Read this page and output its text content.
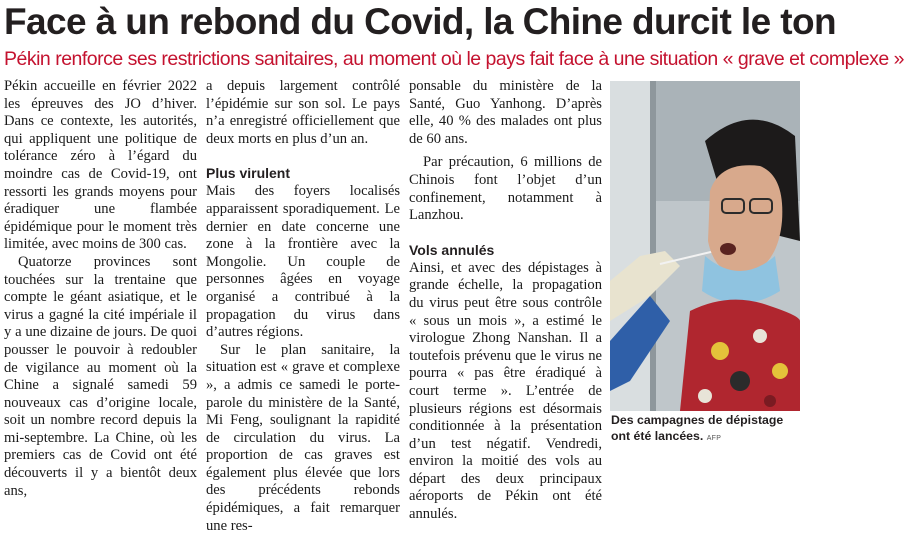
Face à un rebond du Covid, la Chine durcit le ton
Pékin renforce ses restrictions sanitaires, au moment où le pays fait face à une situation « grave et complexe »

Pékin accueille en février 2022 les épreuves des JO d’hiver. Dans ce contexte, les autorités, qui appliquent une politique de tolérance zéro à l’égard du moindre cas de Covid-19, ont ressorti les grands moyens pour éradiquer une flambée épidémique pour le moment très limitée, avec moins de 300 cas.

Quatorze provinces sont touchées sur la trentaine que compte le géant asiatique, et le virus a gagné la cité impériale il y a une dizaine de jours. De quoi pousser le pouvoir à redoubler de vigilance au moment où la Chine a signalé samedi 59 nouveaux cas d’origine locale, soit un nombre record depuis la mi-septembre. La Chine, où les premiers cas de Covid ont été découverts il y a bientôt deux ans,

a depuis largement contrôlé l’épidémie sur son sol. Le pays n’a enregistré officiellement que deux morts en plus d’un an.

Plus virulent

Mais des foyers localisés apparaissent sporadiquement. Le dernier en date concerne une zone à la frontière avec la Mongolie. Un couple de personnes âgées en voyage organisé a contribué à la propagation du virus dans d’autres régions.

Sur le plan sanitaire, la situation est « grave et complexe », a admis ce samedi le porte-parole du ministère de la Santé, Mi Feng, soulignant la rapidité de circulation du virus. La proportion de cas graves est également plus élevée que lors des précédents rebonds épidémiques, a fait remarquer une res-

ponsable du ministère de la Santé, Guo Yanhong. D’après elle, 40 % des malades ont plus de 60 ans.

Par précaution, 6 millions de Chinois font l’objet d’un confinement, notamment à Lanzhou.

Vols annulés

Ainsi, et avec des dépistages à grande échelle, la propagation du virus peut être sous contrôle « sous un mois », a estimé le virologue Zhong Nanshan. Il a toutefois prévenu que le virus ne pourra « pas être éradiqué à court terme ». L’entrée de plusieurs régions est désormais conditionnée à la présentation d’un test négatif. Vendredi, environ la moitié des vols au départ des deux principaux aéroports de Pékin ont été annulés.

Des campagnes de dépistage ont été lancées. AFP
